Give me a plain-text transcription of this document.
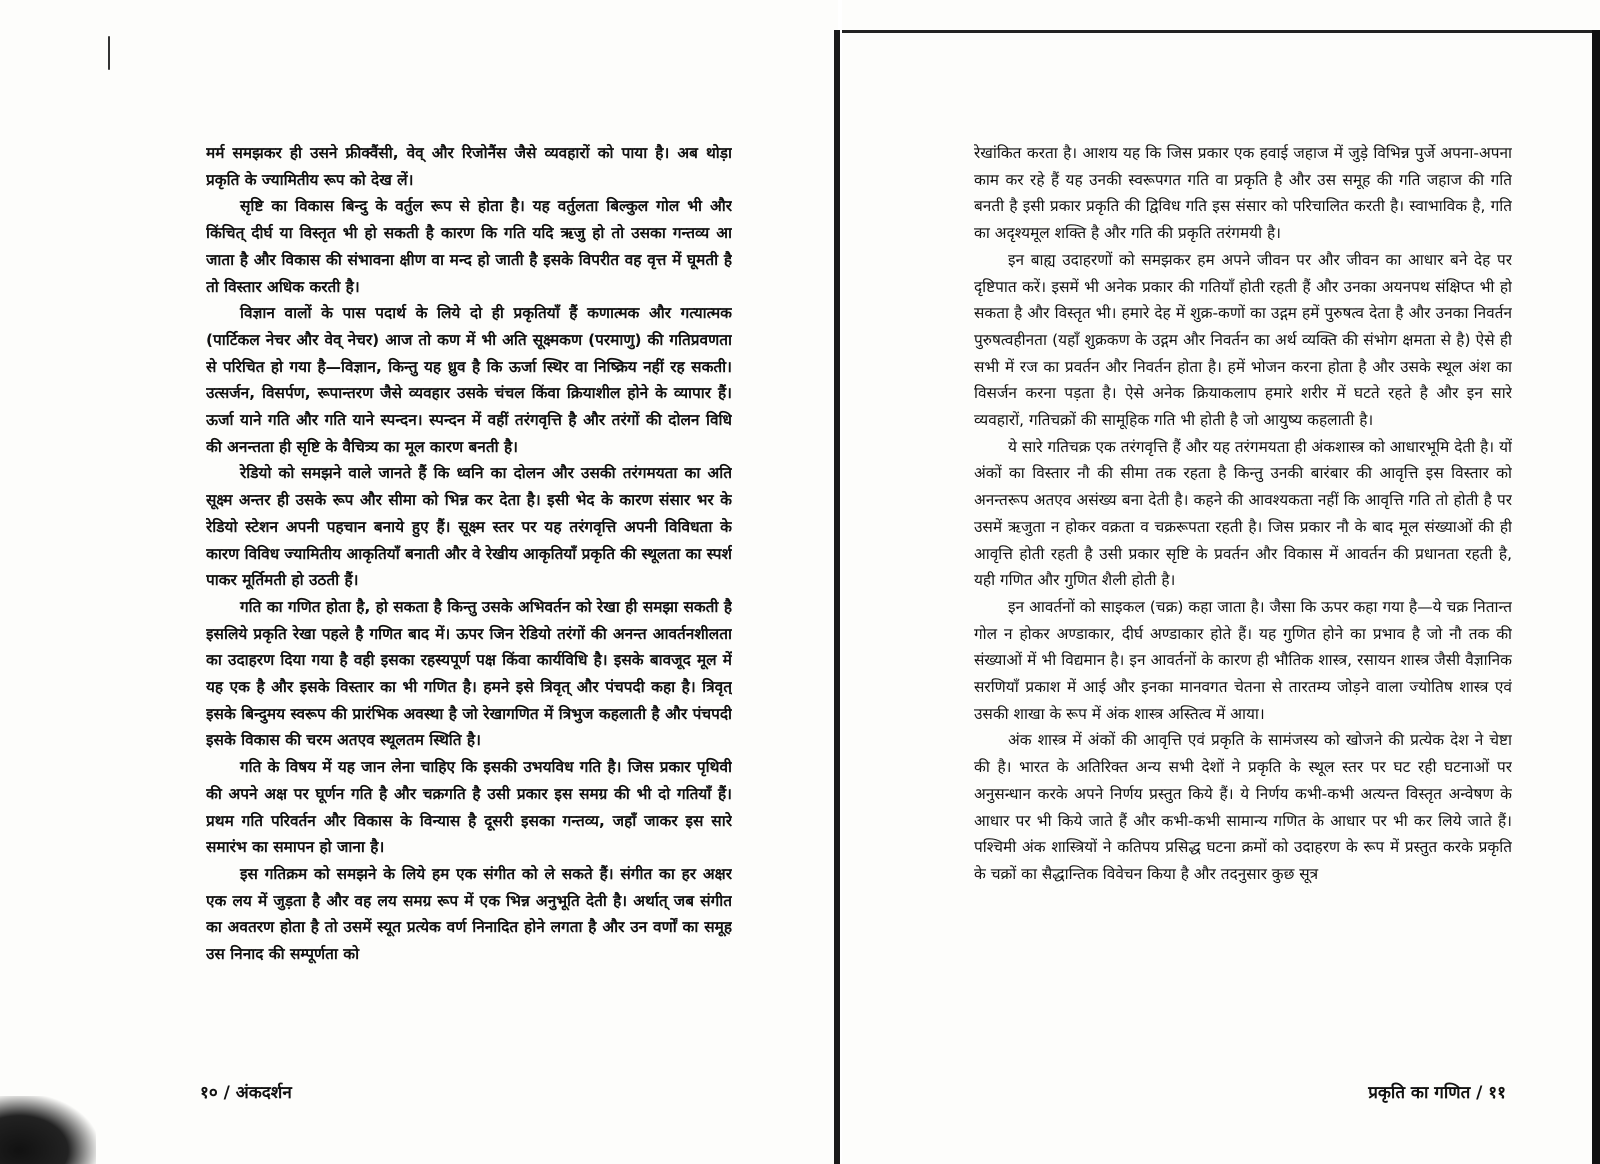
मर्म समझकर ही उसने फ्रीक्वैंसी, वेव् और रिजोनैंस जैसे व्यवहारों को पाया है। अब थोड़ा प्रकृति के ज्यामितीय रूप को देख लें।

सृष्टि का विकास बिन्दु के वर्तुल रूप से होता है। यह वर्तुलता बिल्कुल गोल भी और किंचित् दीर्घ या विस्तृत भी हो सकती है कारण कि गति यदि ऋजु हो तो उसका गन्तव्य आ जाता है और विकास की संभावना क्षीण वा मन्द हो जाती है इसके विपरीत वह वृत्त में घूमती है तो विस्तार अधिक करती है।

विज्ञान वालों के पास पदार्थ के लिये दो ही प्रकृतियाँ हैं कणात्मक और गत्यात्मक (पार्टिकल नेचर और वेव् नेचर) आज तो कण में भी अति सूक्ष्मकण (परमाणु) की गतिप्रवणता से परिचित हो गया है—विज्ञान, किन्तु यह ध्रुव है कि ऊर्जा स्थिर वा निष्क्रिय नहीं रह सकती। उत्सर्जन, विसर्पण, रूपान्तरण जैसे व्यवहार उसके चंचल किंवा क्रियाशील होने के व्यापार हैं। ऊर्जा याने गति और गति याने स्पन्दन। स्पन्दन में वहीं तरंगवृत्ति है और तरंगों की दोलन विधि की अनन्तता ही सृष्टि के वैचित्र्य का मूल कारण बनती है।

रेडियो को समझने वाले जानते हैं कि ध्वनि का दोलन और उसकी तरंगमयता का अति सूक्ष्म अन्तर ही उसके रूप और सीमा को भिन्न कर देता है। इसी भेद के कारण संसार भर के रेडियो स्टेशन अपनी पहचान बनाये हुए हैं। सूक्ष्म स्तर पर यह तरंगवृत्ति अपनी विविधता के कारण विविध ज्यामितीय आकृतियाँ बनाती और वे रेखीय आकृतियाँ प्रकृति की स्थूलता का स्पर्श पाकर मूर्तिमती हो उठती हैं।

गति का गणित होता है, हो सकता है किन्तु उसके अभिवर्तन को रेखा ही समझा सकती है इसलिये प्रकृति रेखा पहले है गणित बाद में। ऊपर जिन रेडियो तरंगों की अनन्त आवर्तनशीलता का उदाहरण दिया गया है वही इसका रहस्यपूर्ण पक्ष किंवा कार्यविधि है। इसके बावजूद मूल में यह एक है और इसके विस्तार का भी गणित है। हमने इसे त्रिवृत् और पंचपदी कहा है। त्रिवृत् इसके बिन्दुमय स्वरूप की प्रारंभिक अवस्था है जो रेखागणित में त्रिभुज कहलाती है और पंचपदी इसके विकास की चरम अतएव स्थूलतम स्थिति है।

गति के विषय में यह जान लेना चाहिए कि इसकी उभयविध गति है। जिस प्रकार पृथिवी की अपने अक्ष पर घूर्णन गति है और चक्रगति है उसी प्रकार इस समग्र की भी दो गतियाँ हैं। प्रथम गति परिवर्तन और विकास के विन्यास है दूसरी इसका गन्तव्य, जहाँ जाकर इस सारे समारंभ का समापन हो जाना है।

इस गतिक्रम को समझने के लिये हम एक संगीत को ले सकते हैं। संगीत का हर अक्षर एक लय में जुड़ता है और वह लय समग्र रूप में एक भिन्न अनुभूति देती है। अर्थात् जब संगीत का अवतरण होता है तो उसमें स्यूत प्रत्येक वर्ण निनादित होने लगता है और उन वर्णों का समूह उस निनाद की सम्पूर्णता को

१० / अंकदर्शन

रेखांकित करता है। आशय यह कि जिस प्रकार एक हवाई जहाज में जुड़े विभिन्न पुर्जे अपना-अपना काम कर रहे हैं यह उनकी स्वरूपगत गति वा प्रकृति है और उस समूह की गति जहाज की गति बनती है इसी प्रकार प्रकृति की द्विविध गति इस संसार को परिचालित करती है। स्वाभाविक है, गति का अदृश्यमूल शक्ति है और गति की प्रकृति तरंगमयी है।

इन बाह्य उदाहरणों को समझकर हम अपने जीवन पर और जीवन का आधार बने देह पर दृष्टिपात करें। इसमें भी अनेक प्रकार की गतियाँ होती रहती हैं और उनका अयनपथ संक्षिप्त भी हो सकता है और विस्तृत भी। हमारे देह में शुक्र-कणों का उद्गम हमें पुरुषत्व देता है और उनका निवर्तन पुरुषत्वहीनता (यहाँ शुक्रकण के उद्गम और निवर्तन का अर्थ व्यक्ति की संभोग क्षमता से है) ऐसे ही सभी में रज का प्रवर्तन और निवर्तन होता है। हमें भोजन करना होता है और उसके स्थूल अंश का विसर्जन करना पड़ता है। ऐसे अनेक क्रियाकलाप हमारे शरीर में घटते रहते है और इन सारे व्यवहारों, गतिचक्रों की सामूहिक गति भी होती है जो आयुष्य कहलाती है।

ये सारे गतिचक्र एक तरंगवृत्ति हैं और यह तरंगमयता ही अंकशास्त्र को आधारभूमि देती है। यों अंकों का विस्तार नौ की सीमा तक रहता है किन्तु उनकी बारंबार की आवृत्ति इस विस्तार को अनन्तरूप अतएव असंख्य बना देती है। कहने की आवश्यकता नहीं कि आवृत्ति गति तो होती है पर उसमें ऋजुता न होकर वक्रता व चक्ररूपता रहती है। जिस प्रकार नौ के बाद मूल संख्याओं की ही आवृत्ति होती रहती है उसी प्रकार सृष्टि के प्रवर्तन और विकास में आवर्तन की प्रधानता रहती है, यही गणित और गुणित शैली होती है।

इन आवर्तनों को साइकल (चक्र) कहा जाता है। जैसा कि ऊपर कहा गया है—ये चक्र नितान्त गोल न होकर अण्डाकार, दीर्घ अण्डाकार होते हैं। यह गुणित होने का प्रभाव है जो नौ तक की संख्याओं में भी विद्यमान है। इन आवर्तनों के कारण ही भौतिक शास्त्र, रसायन शास्त्र जैसी वैज्ञानिक सरणियाँ प्रकाश में आई और इनका मानवगत चेतना से तारतम्य जोड़ने वाला ज्योतिष शास्त्र एवं उसकी शाखा के रूप में अंक शास्त्र अस्तित्व में आया।

अंक शास्त्र में अंकों की आवृत्ति एवं प्रकृति के सामंजस्य को खोजने की प्रत्येक देश ने चेष्टा की है। भारत के अतिरिक्त अन्य सभी देशों ने प्रकृति के स्थूल स्तर पर घट रही घटनाओं पर अनुसन्धान करके अपने निर्णय प्रस्तुत किये हैं। ये निर्णय कभी-कभी अत्यन्त विस्तृत अन्वेषण के आधार पर भी किये जाते हैं और कभी-कभी सामान्य गणित के आधार पर भी कर लिये जाते हैं। पश्चिमी अंक शास्त्रियों ने कतिपय प्रसिद्ध घटना क्रमों को उदाहरण के रूप में प्रस्तुत करके प्रकृति के चक्रों का सैद्धान्तिक विवेचन किया है और तदनुसार कुछ सूत्र

प्रकृति का गणित / ११
